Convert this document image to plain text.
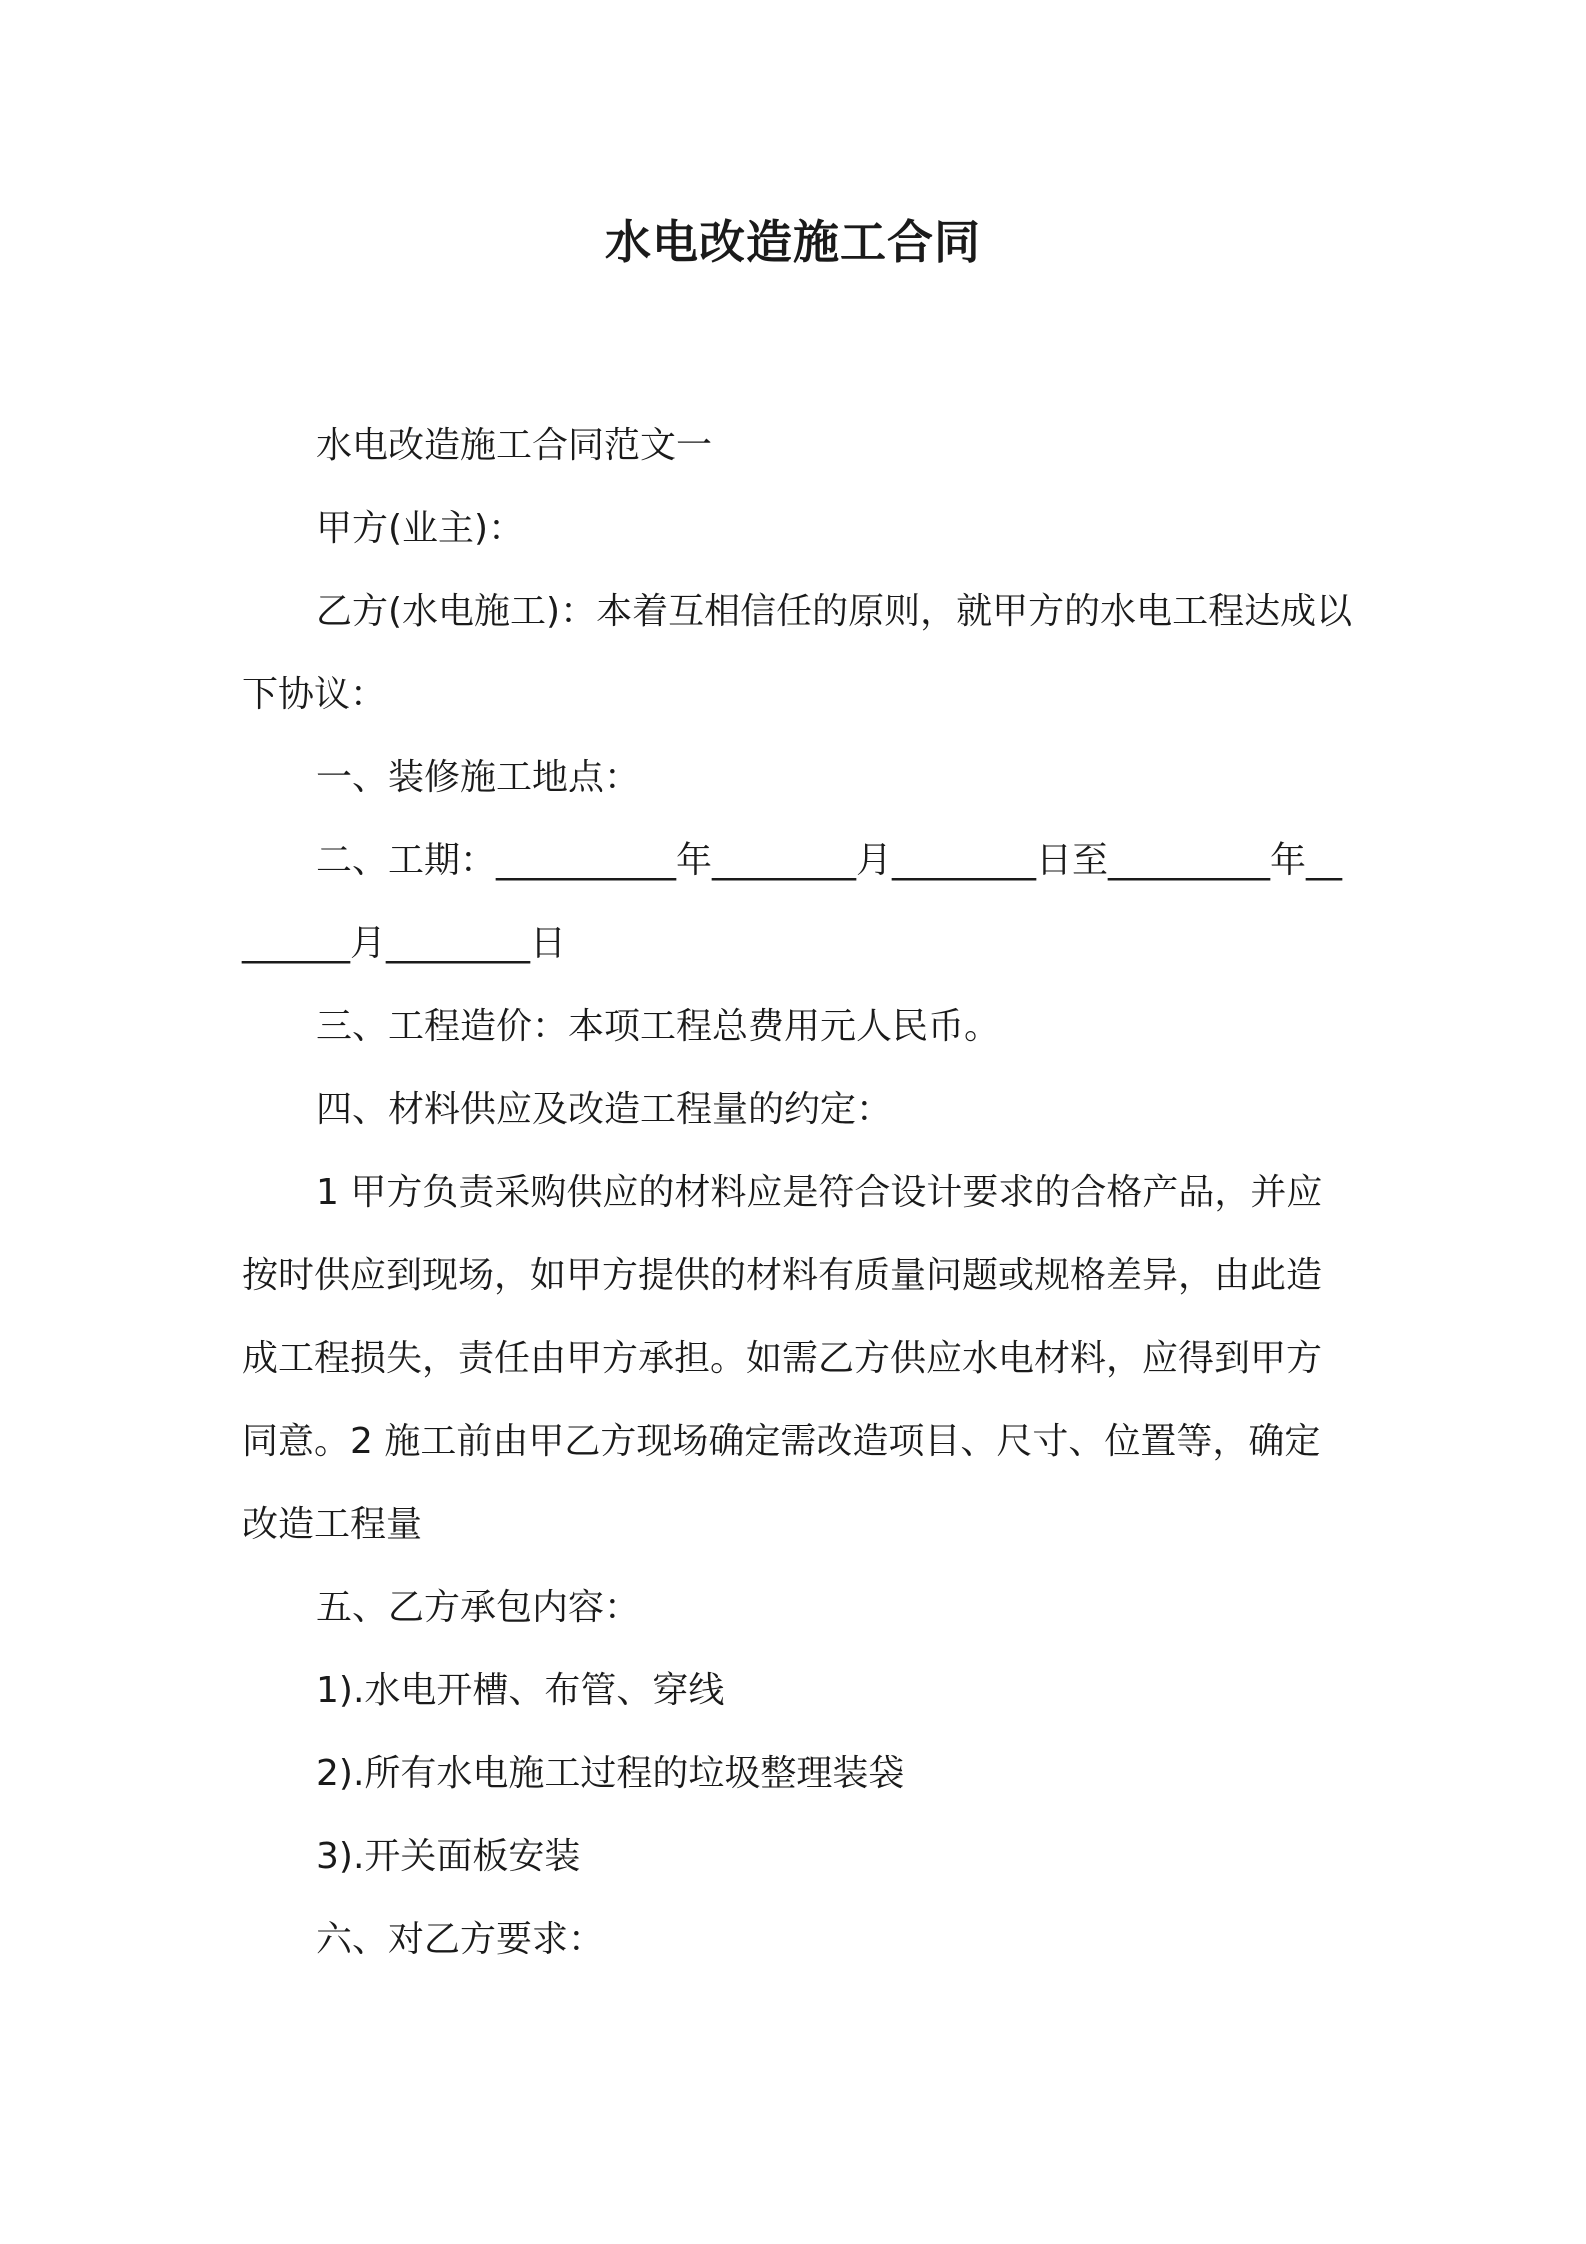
水电改造施工合同

水电改造施工合同范文一

甲方(业主)：

乙方(水电施工)：本着互相信任的原则，就甲方的水电工程达成以下协议：

一、装修施工地点：

二、工期：__________年________月________日至_________年________月________日

三、工程造价：本项工程总费用元人民币。

四、材料供应及改造工程量的约定：

1 甲方负责采购供应的材料应是符合设计要求的合格产品，并应按时供应到现场，如甲方提供的材料有质量问题或规格差异，由此造成工程损失，责任由甲方承担。如需乙方供应水电材料，应得到甲方同意。2 施工前由甲乙方现场确定需改造项目、尺寸、位置等，确定改造工程量

五、乙方承包内容：

1).水电开槽、布管、穿线

2).所有水电施工过程的垃圾整理装袋

3).开关面板安装

六、对乙方要求：
